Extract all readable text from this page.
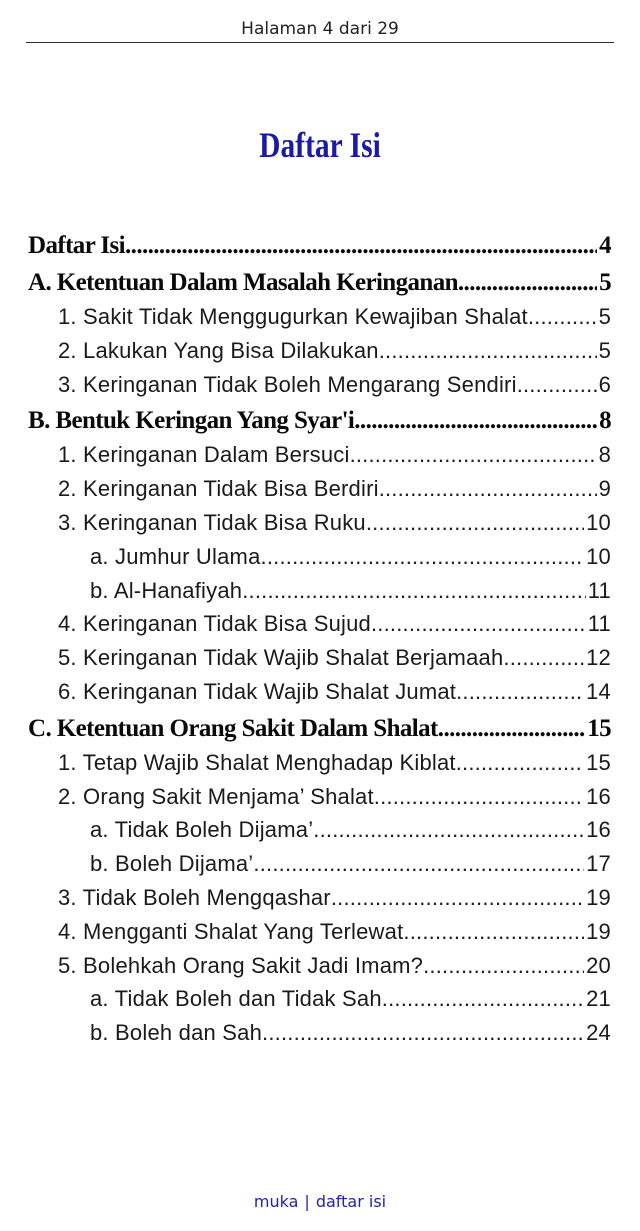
Halaman 4 dari 29
Daftar Isi
Daftar Isi .....	4
A. Ketentuan Dalam Masalah Keringanan .....	5
1. Sakit Tidak Menggugurkan Kewajiban Shalat .....	5
2. Lakukan Yang Bisa Dilakukan .....	5
3. Keringanan Tidak Boleh Mengarang Sendiri .....	6
B. Bentuk Keringan Yang Syar'i .....	8
1. Keringanan Dalam Bersuci .....	8
2. Keringanan Tidak Bisa Berdiri .....	9
3. Keringanan Tidak Bisa Ruku .....	10
a. Jumhur Ulama .....	10
b. Al-Hanafiyah .....	11
4. Keringanan Tidak Bisa Sujud .....	11
5. Keringanan Tidak Wajib Shalat Berjamaah .....	12
6. Keringanan Tidak Wajib Shalat Jumat .....	14
C. Ketentuan Orang Sakit Dalam Shalat .....	15
1. Tetap Wajib Shalat Menghadap Kiblat .....	15
2. Orang Sakit Menjama’ Shalat .....	16
a. Tidak Boleh Dijama’ .....	16
b. Boleh Dijama’ .....	17
3. Tidak Boleh Mengqashar .....	19
4. Mengganti Shalat Yang Terlewat .....	19
5. Bolehkah Orang Sakit Jadi Imam? .....	20
a. Tidak Boleh dan Tidak Sah .....	21
b. Boleh dan Sah .....	24
muka | daftar isi
